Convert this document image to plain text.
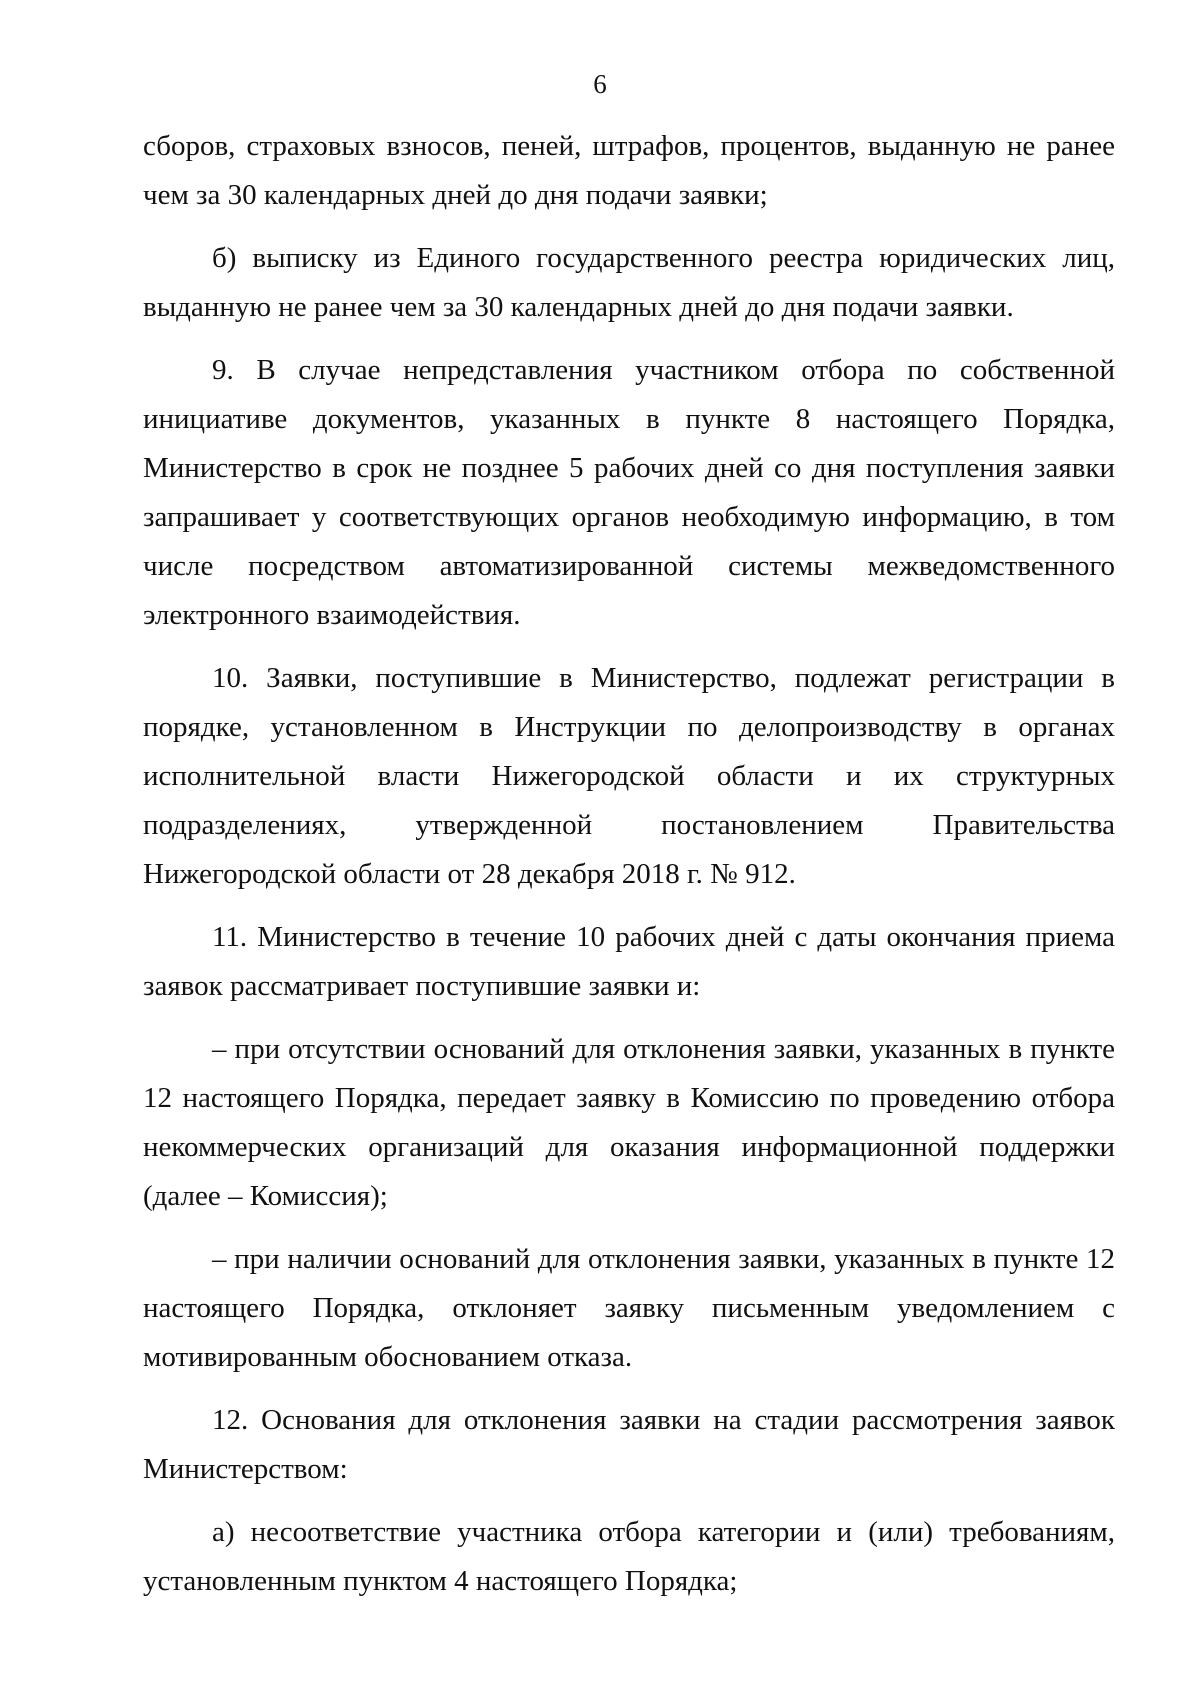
6

сборов, страховых взносов, пеней, штрафов, процентов, выданную не ранее чем за 30 календарных дней до дня подачи заявки;

б) выписку из Единого государственного реестра юридических лиц, выданную не ранее чем за 30 календарных дней до дня подачи заявки.

9. В случае непредставления участником отбора по собственной инициативе документов, указанных в пункте 8 настоящего Порядка, Министерство в срок не позднее 5 рабочих дней со дня поступления заявки запрашивает у соответствующих органов необходимую информацию, в том числе посредством автоматизированной системы межведомственного электронного взаимодействия.

10. Заявки, поступившие в Министерство, подлежат регистрации в порядке, установленном в Инструкции по делопроизводству в органах исполнительной власти Нижегородской области и их структурных подразделениях, утвержденной постановлением Правительства Нижегородской области от 28 декабря 2018 г. № 912.

11. Министерство в течение 10 рабочих дней с даты окончания приема заявок рассматривает поступившие заявки и:

– при отсутствии оснований для отклонения заявки, указанных в пункте 12 настоящего Порядка, передает заявку в Комиссию по проведению отбора некоммерческих организаций для оказания информационной поддержки (далее – Комиссия);

– при наличии оснований для отклонения заявки, указанных в пункте 12 настоящего Порядка, отклоняет заявку письменным уведомлением с мотивированным обоснованием отказа.

12. Основания для отклонения заявки на стадии рассмотрения заявок Министерством:

а) несоответствие участника отбора категории и (или) требованиям, установленным пунктом 4 настоящего Порядка;
